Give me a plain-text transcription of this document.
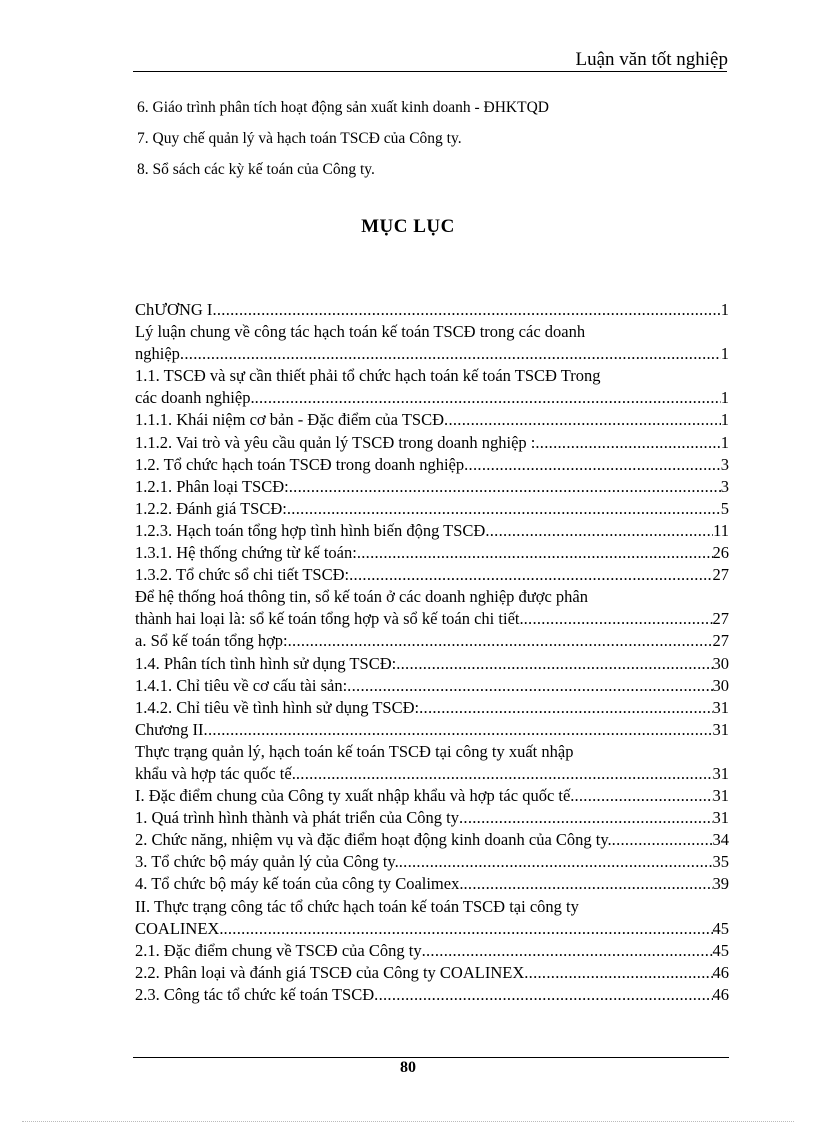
Luận văn tốt nghiệp
6. Giáo trình phân tích hoạt động sản xuất kinh doanh - ĐHKTQD
7. Quy chế quản lý và hạch toán TSCĐ của Công ty.
8. Sổ sách các kỳ kế toán của Công ty.
MỤC LỤC
ChƯƠNG I .....	1
Lý luận chung về công tác hạch toán kế toán TSCĐ trong các doanh
nghiệp .....	1
1.1. TSCĐ và sự cần thiết phải tổ chức hạch toán kế toán TSCĐ Trong
các doanh nghiệp. .....	1
1.1.1. Khái niệm cơ bản - Đặc điểm của TSCĐ .....	1
1.1.2. Vai trò và yêu cầu quản lý TSCĐ trong doanh nghiệp : .....	1
1.2. Tổ chức hạch toán TSCĐ trong doanh nghiệp .....	3
1.2.1. Phân loại TSCĐ: .....	3
1.2.2. Đánh giá TSCĐ: .....	5
1.2.3. Hạch toán tổng hợp tình hình biến động TSCĐ .....	11
1.3.1. Hệ thống chứng từ kế toán: .....	26
1.3.2. Tổ chức sổ chi tiết TSCĐ: .....	27
Để hệ thống hoá thông tin, sổ kế toán ở các doanh nghiệp được phân
thành hai loại là: sổ kế toán tổng hợp và sổ kế toán chi tiết. .....	27
a. Sổ kế toán tổng hợp: .....	27
1.4. Phân tích tình hình sử dụng TSCĐ: .....	30
1.4.1. Chỉ tiêu về cơ cấu tài sản: .....	30
1.4.2. Chỉ tiêu về tình hình sử dụng TSCĐ: .....	31
Chương II .....	31
Thực trạng quản lý, hạch toán kế toán TSCĐ tại công ty xuất nhập
khẩu và hợp tác quốc tế. .....	31
I. Đặc điểm chung của Công ty xuất nhập khẩu và hợp tác quốc tế. .....	31
1. Quá trình hình thành và phát triển của Công ty .....	31
2. Chức năng, nhiệm vụ và đặc điểm hoạt động kinh doanh của Công ty. .....	34
3. Tổ chức bộ máy quản lý của Công ty. .....	35
4. Tổ chức bộ máy kế toán của công ty Coalimex. .....	39
II. Thực trạng công tác tổ chức hạch toán kế toán TSCĐ tại công ty
COALINEX. .....	45
2.1. Đặc điểm chung về TSCĐ của Công ty .....	45
2.2. Phân loại và đánh giá TSCĐ của Công ty COALINEX .....	46
2.3. Công tác tổ chức kế toán TSCĐ .....	46
80
